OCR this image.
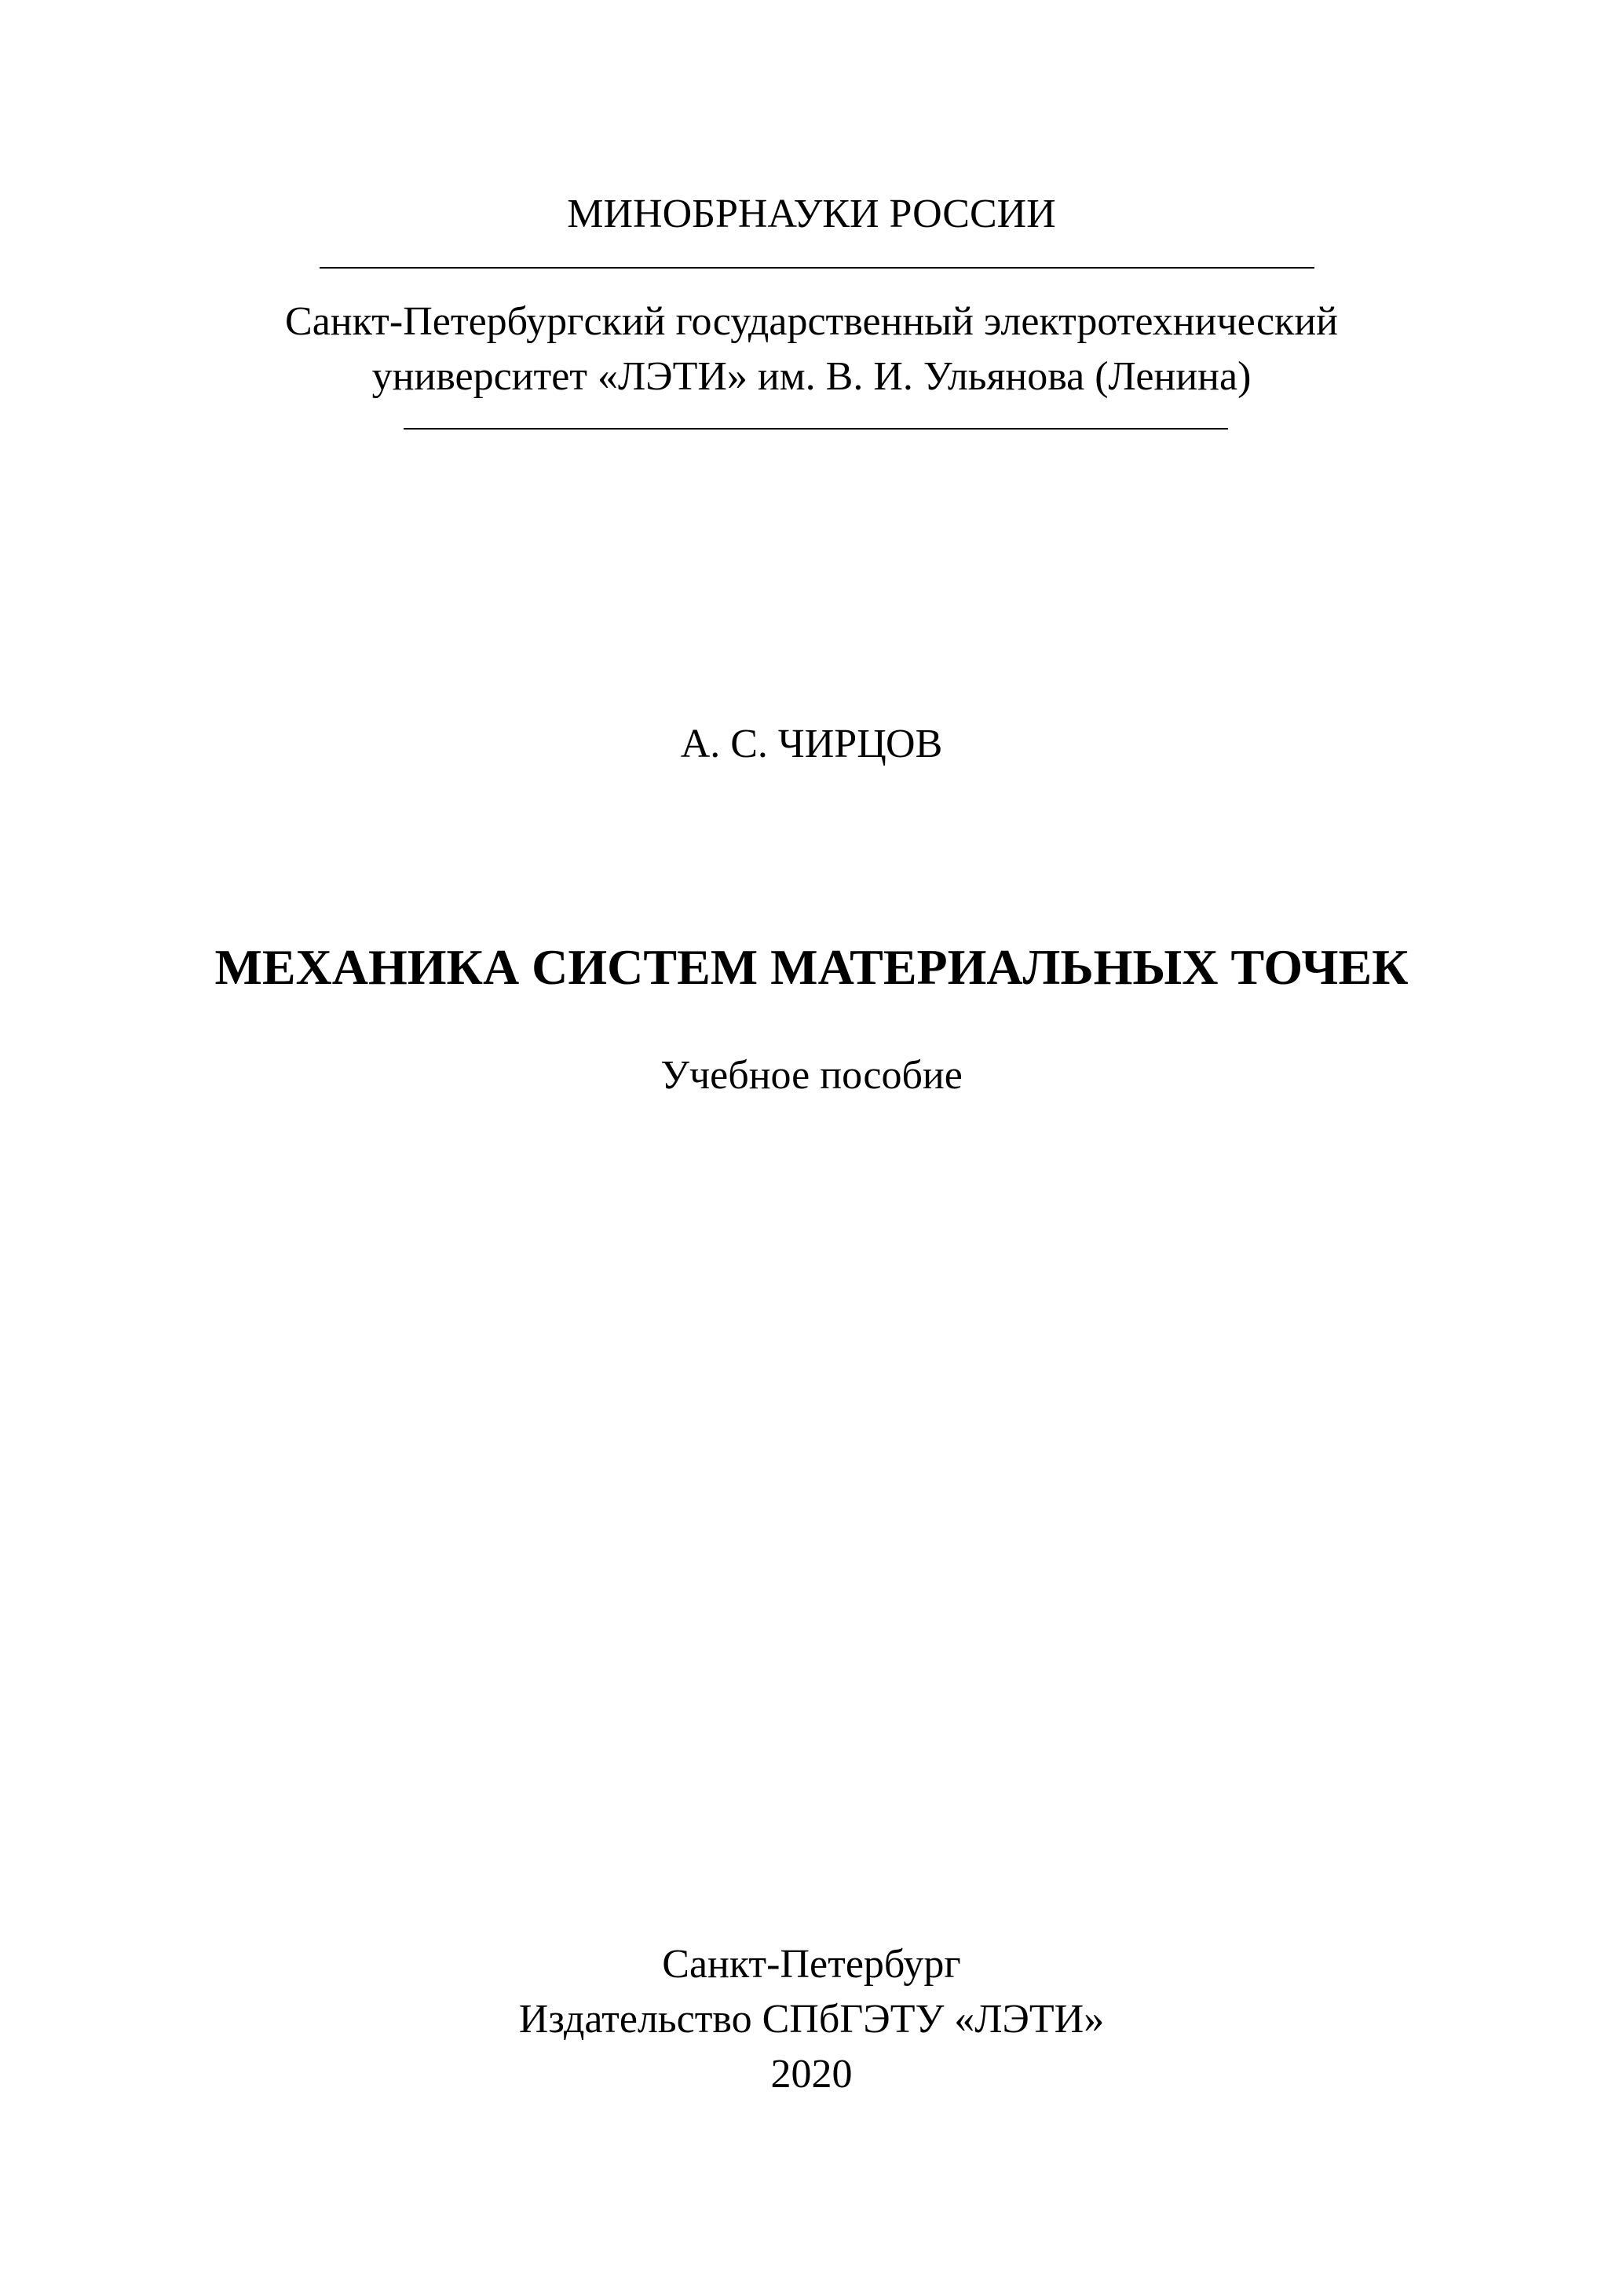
МИНОБРНАУКИ РОССИИ
Санкт-Петербургский государственный электротехнический
университет «ЛЭТИ» им. В. И. Ульянова (Ленина)
А. С. ЧИРЦОВ
МЕХАНИКА СИСТЕМ МАТЕРИАЛЬНЫХ ТОЧЕК
Учебное пособие
Санкт-Петербург
Издательство СПбГЭТУ «ЛЭТИ»
2020
